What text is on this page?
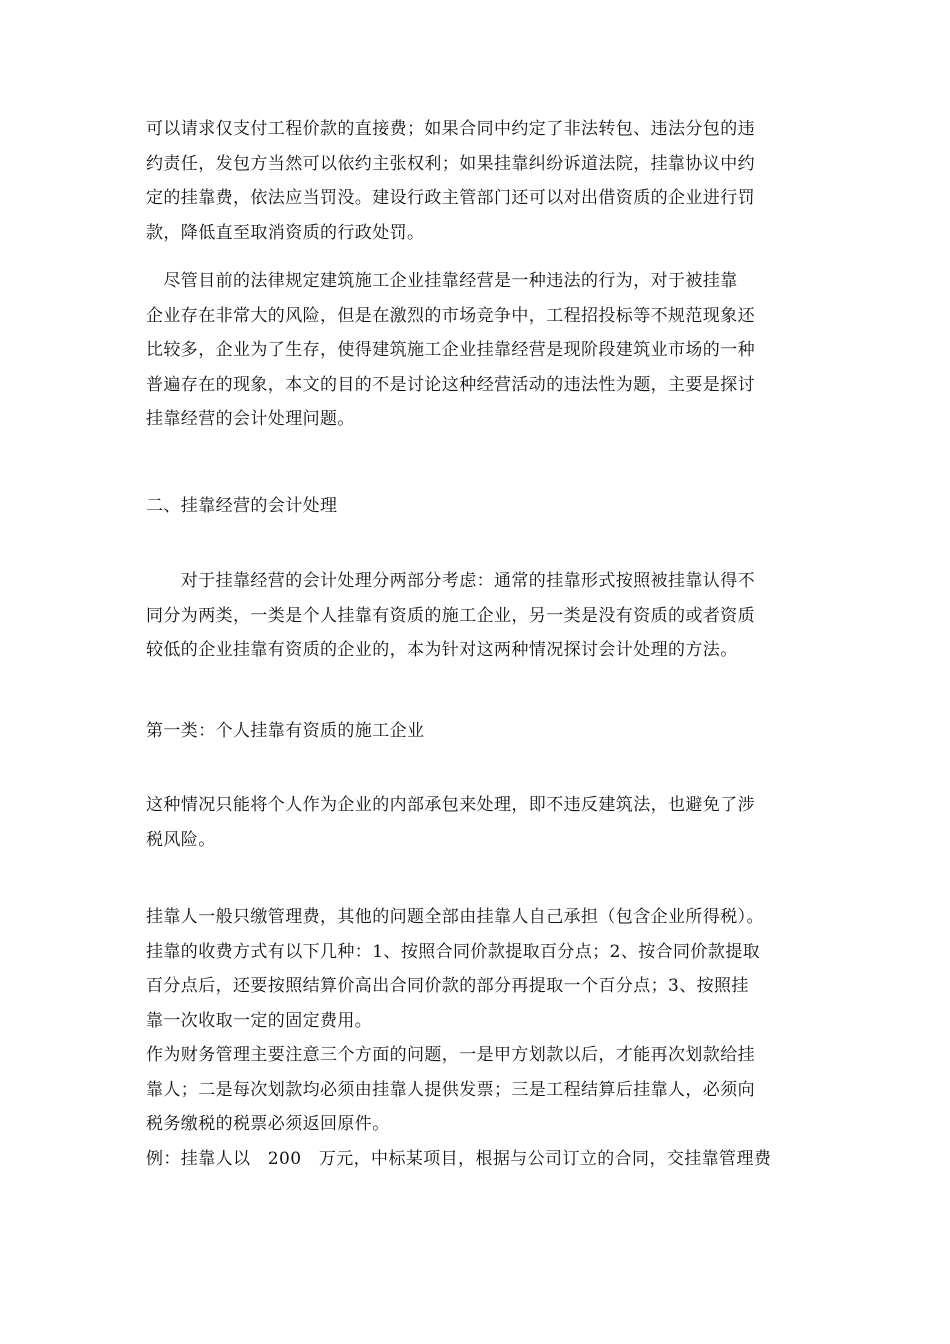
可以请求仅支付工程价款的直接费；如果合同中约定了非法转包、违法分包的违
约责任，发包方当然可以依约主张权利；如果挂靠纠纷诉道法院，挂靠协议中约
定的挂靠费，依法应当罚没。建设行政主管部门还可以对出借资质的企业进行罚
款，降低直至取消资质的行政处罚。
　尽管目前的法律规定建筑施工企业挂靠经营是一种违法的行为，对于被挂靠
企业存在非常大的风险，但是在激烈的市场竞争中，工程招投标等不规范现象还
比较多，企业为了生存，使得建筑施工企业挂靠经营是现阶段建筑业市场的一种
普遍存在的现象，本文的目的不是讨论这种经营活动的违法性为题，主要是探讨
挂靠经营的会计处理问题。
二、挂靠经营的会计处理
　　对于挂靠经营的会计处理分两部分考虑：通常的挂靠形式按照被挂靠认得不
同分为两类，一类是个人挂靠有资质的施工企业，另一类是没有资质的或者资质
较低的企业挂靠有资质的企业的，本为针对这两种情况探讨会计处理的方法。
第一类：个人挂靠有资质的施工企业
这种情况只能将个人作为企业的内部承包来处理，即不违反建筑法，也避免了涉
税风险。
挂靠人一般只缴管理费，其他的问题全部由挂靠人自己承担（包含企业所得税）。
挂靠的收费方式有以下几种：1、按照合同价款提取百分点；2、按合同价款提取
百分点后，还要按照结算价高出合同价款的部分再提取一个百分点；3、按照挂
靠一次收取一定的固定费用。
作为财务管理主要注意三个方面的问题，一是甲方划款以后，才能再次划款给挂
靠人；二是每次划款均必须由挂靠人提供发票；三是工程结算后挂靠人，必须向
税务缴税的税票必须返回原件。
例：挂靠人以　200　万元，中标某项目，根据与公司订立的合同，交挂靠管理费
